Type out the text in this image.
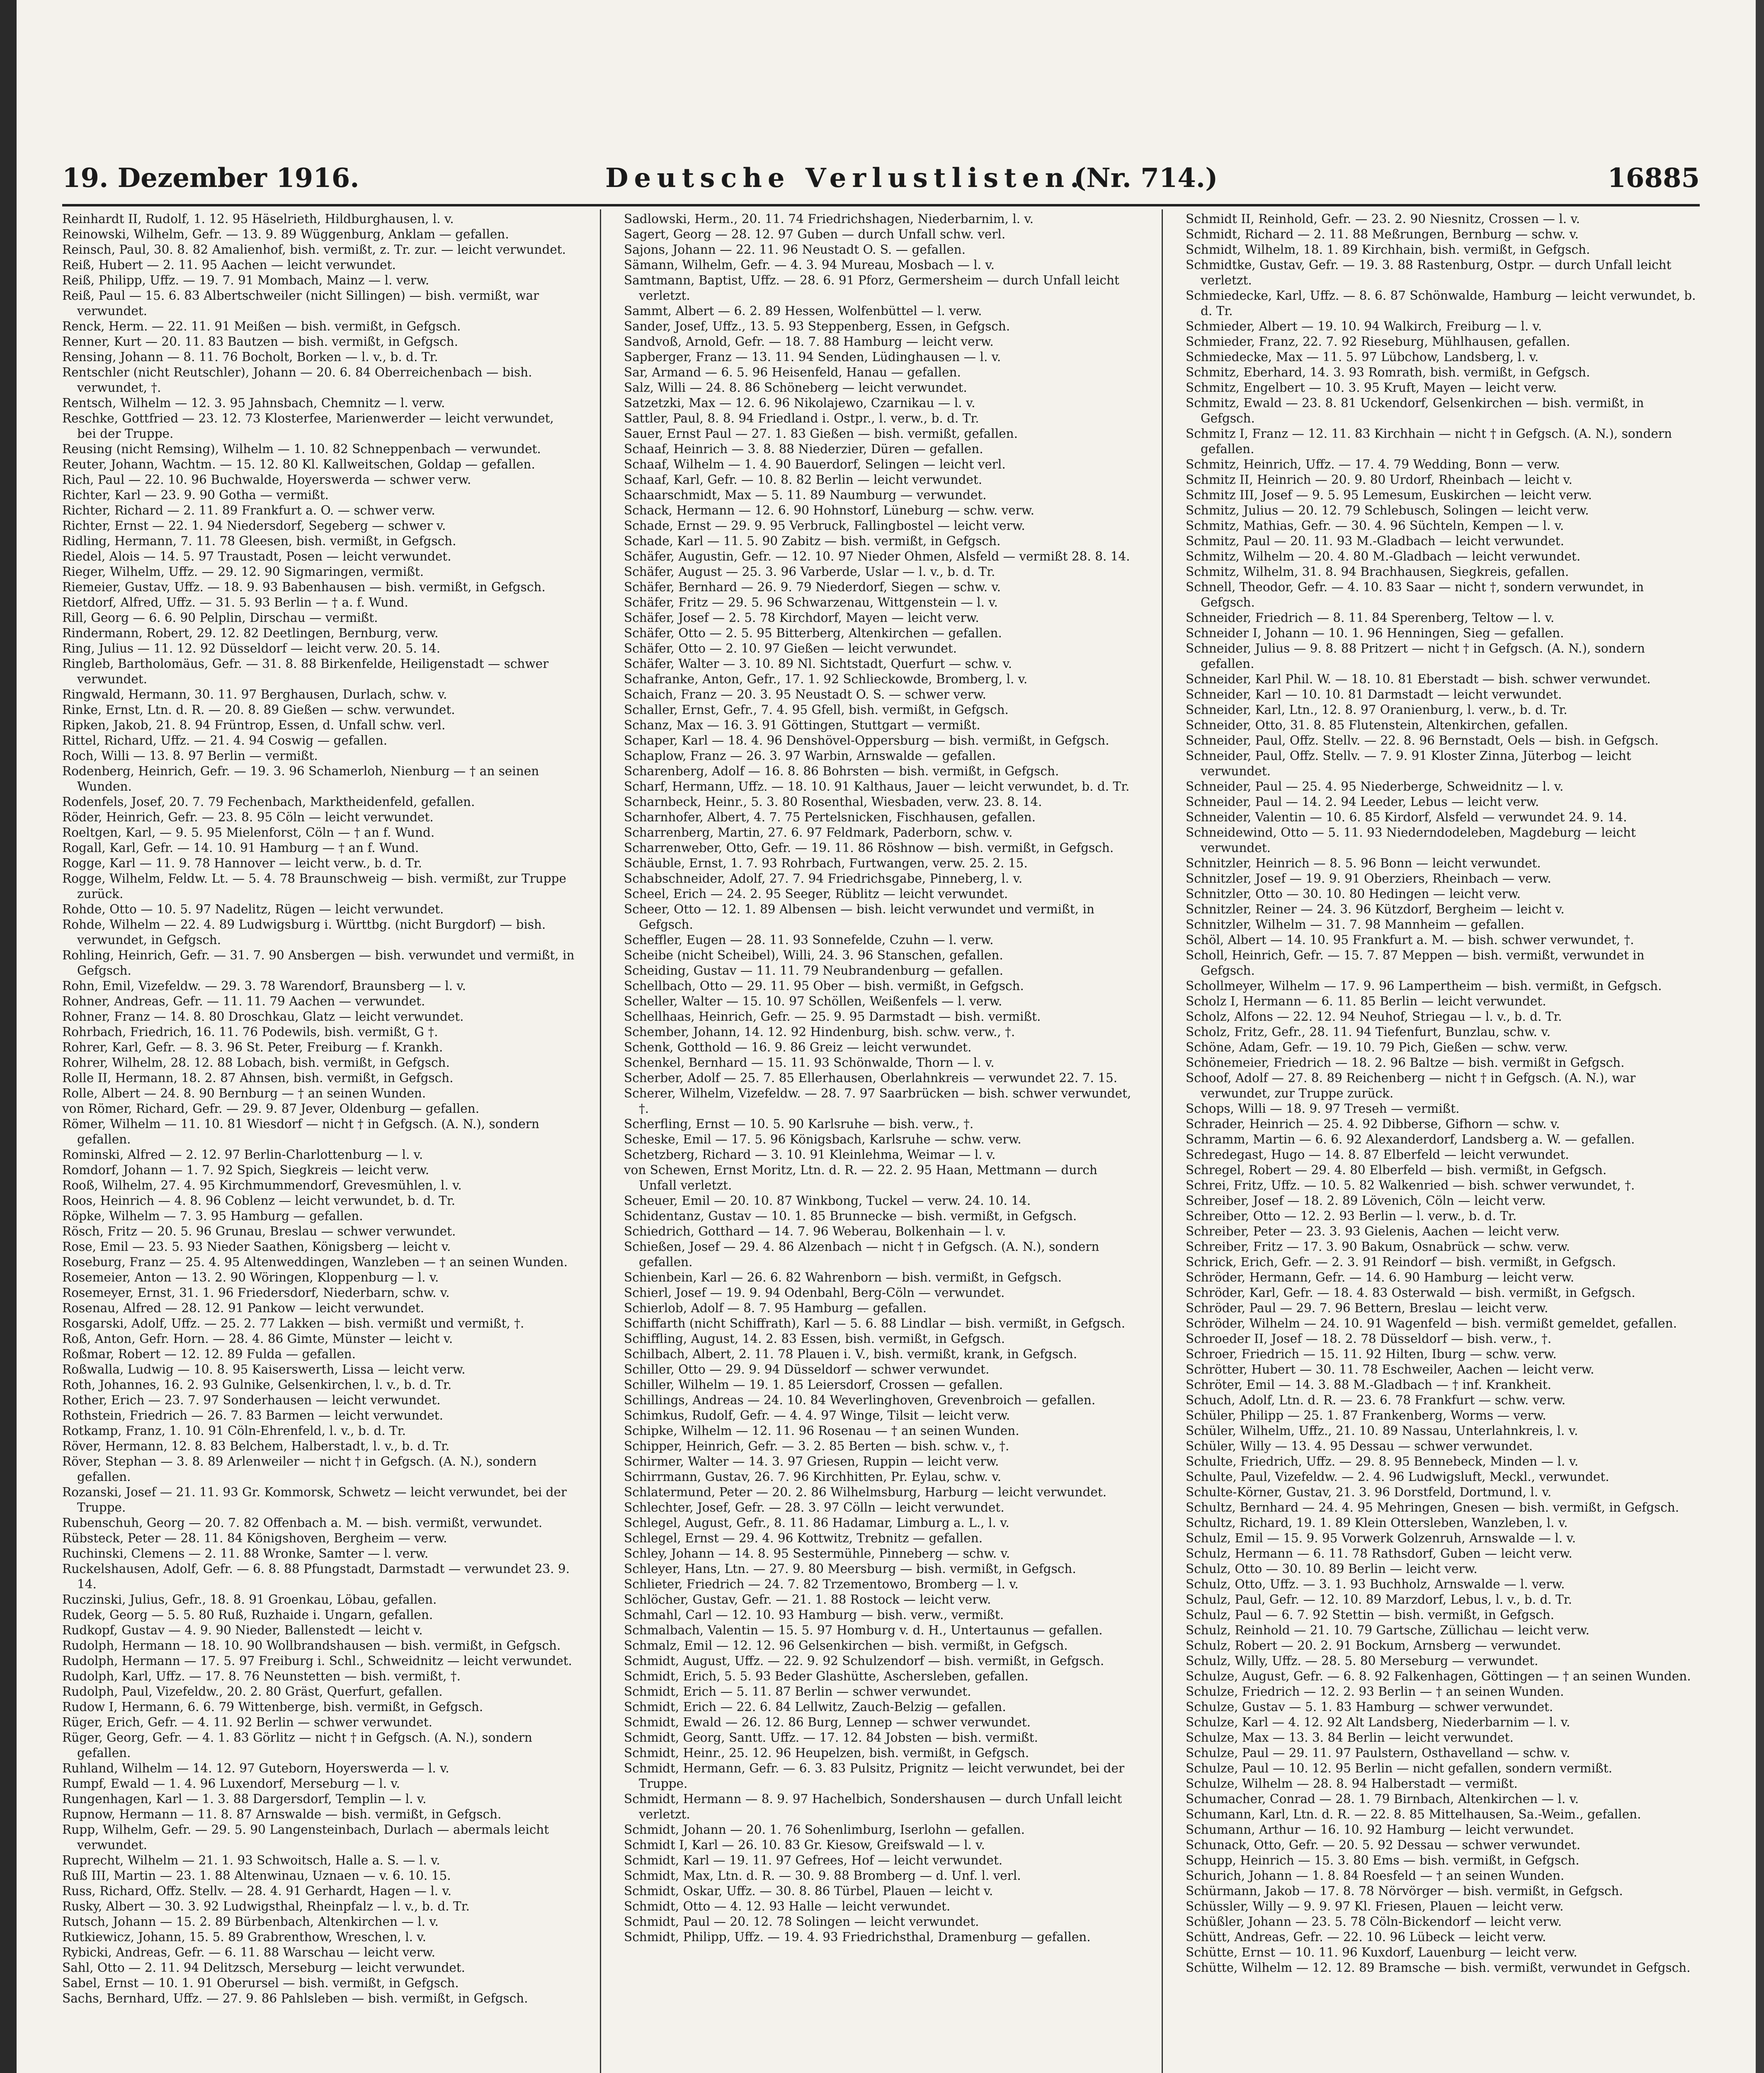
19. Dezember 1916.	Deutsche Verlustlisten.
(Nr. 714.)	16885

Reinhardt II, Rudolf, 1. 12. 95 Häselrieth, Hildburghausen, l. v.

Reinowski, Wilhelm, Gefr. — 13. 9. 89 Wüggenburg, Anklam — gefallen.

Reinsch, Paul, 30. 8. 82 Amalienhof, bish. vermißt, z. Tr. zur. — leicht verwundet.

Reiß, Hubert — 2. 11. 95 Aachen — leicht verwundet.

Reiß, Philipp, Uffz. — 19. 7. 91 Mombach, Mainz — l. verw.

Reiß, Paul — 15. 6. 83 Albertschweiler (nicht Sillingen) — bish. vermißt, war verwundet.

Renck, Herm. — 22. 11. 91 Meißen — bish. vermißt, in Gefgsch.

Renner, Kurt — 20. 11. 83 Bautzen — bish. vermißt, in Gefgsch.

Rensing, Johann — 8. 11. 76 Bocholt, Borken — l. v., b. d. Tr.

Rentschler (nicht Reutschler), Johann — 20. 6. 84 Oberreichenbach — bish. verwundet, †.

Rentsch, Wilhelm — 12. 3. 95 Jahnsbach, Chemnitz — l. verw.

Reschke, Gottfried — 23. 12. 73 Klosterfee, Marienwerder — leicht verwundet, bei der Truppe.

Reusing (nicht Remsing), Wilhelm — 1. 10. 82 Schneppenbach — verwundet.

Reuter, Johann, Wachtm. — 15. 12. 80 Kl. Kallweitschen, Goldap — gefallen.

Rich, Paul — 22. 10. 96 Buchwalde, Hoyerswerda — schwer verw.

Richter, Karl — 23. 9. 90 Gotha — vermißt.

Richter, Richard — 2. 11. 89 Frankfurt a. O. — schwer verw.

Richter, Ernst — 22. 1. 94 Niedersdorf, Segeberg — schwer v.

Ridling, Hermann, 7. 11. 78 Gleesen, bish. vermißt, in Gefgsch.

Riedel, Alois — 14. 5. 97 Traustadt, Posen — leicht verwundet.

Rieger, Wilhelm, Uffz. — 29. 12. 90 Sigmaringen, vermißt.

Riemeier, Gustav, Uffz. — 18. 9. 93 Babenhausen — bish. vermißt, in Gefgsch.

Rietdorf, Alfred, Uffz. — 31. 5. 93 Berlin — † a. f. Wund.

Rill, Georg — 6. 6. 90 Pelplin, Dirschau — vermißt.

Rindermann, Robert, 29. 12. 82 Deetlingen, Bernburg, verw.

Ring, Julius — 11. 12. 92 Düsseldorf — leicht verw. 20. 5. 14.

Ringleb, Bartholomäus, Gefr. — 31. 8. 88 Birkenfelde, Heiligenstadt — schwer verwundet.

Ringwald, Hermann, 30. 11. 97 Berghausen, Durlach, schw. v.

Rinke, Ernst, Ltn. d. R. — 20. 8. 89 Gießen — schw. verwundet.

Ripken, Jakob, 21. 8. 94 Früntrop, Essen, d. Unfall schw. verl.

Rittel, Richard, Uffz. — 21. 4. 94 Coswig — gefallen.

Roch, Willi — 13. 8. 97 Berlin — vermißt.

Rodenberg, Heinrich, Gefr. — 19. 3. 96 Schamerloh, Nienburg — † an seinen Wunden.

Rodenfels, Josef, 20. 7. 79 Fechenbach, Marktheidenfeld, gefallen.

Röder, Heinrich, Gefr. — 23. 8. 95 Cöln — leicht verwundet.

Roeltgen, Karl, — 9. 5. 95 Mielenforst, Cöln — † an f. Wund.

Rogall, Karl, Gefr. — 14. 10. 91 Hamburg — † an f. Wund.

Rogge, Karl — 11. 9. 78 Hannover — leicht verw., b. d. Tr.

Rogge, Wilhelm, Feldw. Lt. — 5. 4. 78 Braunschweig — bish. vermißt, zur Truppe zurück.

Rohde, Otto — 10. 5. 97 Nadelitz, Rügen — leicht verwundet.

Rohde, Wilhelm — 22. 4. 89 Ludwigsburg i. Württbg. (nicht Burgdorf) — bish. verwundet, in Gefgsch.

Rohling, Heinrich, Gefr. — 31. 7. 90 Ansbergen — bish. verwundet und vermißt, in Gefgsch.

Rohn, Emil, Vizefeldw. — 29. 3. 78 Warendorf, Braunsberg — l. v.

Rohner, Andreas, Gefr. — 11. 11. 79 Aachen — verwundet.

Rohner, Franz — 14. 8. 80 Droschkau, Glatz — leicht verwundet.

Rohrbach, Friedrich, 16. 11. 76 Podewils, bish. vermißt, G †.

Rohrer, Karl, Gefr. — 8. 3. 96 St. Peter, Freiburg — f. Krankh.

Rohrer, Wilhelm, 28. 12. 88 Lobach, bish. vermißt, in Gefgsch.

Rolle II, Hermann, 18. 2. 87 Ahnsen, bish. vermißt, in Gefgsch.

Rolle, Albert — 24. 8. 90 Bernburg — † an seinen Wunden.

von Römer, Richard, Gefr. — 29. 9. 87 Jever, Oldenburg — gefallen.

Römer, Wilhelm — 11. 10. 81 Wiesdorf — nicht † in Gefgsch. (A. N.), sondern gefallen.

Rominski, Alfred — 2. 12. 97 Berlin-Charlottenburg — l. v.

Romdorf, Johann — 1. 7. 92 Spich, Siegkreis — leicht verw.

Rooß, Wilhelm, 27. 4. 95 Kirchmummendorf, Grevesmühlen, l. v.

Roos, Heinrich — 4. 8. 96 Coblenz — leicht verwundet, b. d. Tr.

Röpke, Wilhelm — 7. 3. 95 Hamburg — gefallen.

Rösch, Fritz — 20. 5. 96 Grunau, Breslau — schwer verwundet.

Rose, Emil — 23. 5. 93 Nieder Saathen, Königsberg — leicht v.

Roseburg, Franz — 25. 4. 95 Altenweddingen, Wanzleben — † an seinen Wunden.

Rosemeier, Anton — 13. 2. 90 Wöringen, Kloppenburg — l. v.

Rosemeyer, Ernst, 31. 1. 96 Friedersdorf, Niederbarn, schw. v.

Rosenau, Alfred — 28. 12. 91 Pankow — leicht verwundet.

Rosgarski, Adolf, Uffz. — 25. 2. 77 Lakken — bish. vermißt und vermißt, †.

Roß, Anton, Gefr. Horn. — 28. 4. 86 Gimte, Münster — leicht v.

Roßmar, Robert — 12. 12. 89 Fulda — gefallen.

Roßwalla, Ludwig — 10. 8. 95 Kaiserswerth, Lissa — leicht verw.

Roth, Johannes, 16. 2. 93 Gulnike, Gelsenkirchen, l. v., b. d. Tr.

Rother, Erich — 23. 7. 97 Sonderhausen — leicht verwundet.

Rothstein, Friedrich — 26. 7. 83 Barmen — leicht verwundet.

Rotkamp, Franz, 1. 10. 91 Cöln-Ehrenfeld, l. v., b. d. Tr.

Röver, Hermann, 12. 8. 83 Belchem, Halberstadt, l. v., b. d. Tr.

Röver, Stephan — 3. 8. 89 Arlenweiler — nicht † in Gefgsch. (A. N.), sondern gefallen.

Rozanski, Josef — 21. 11. 93 Gr. Kommorsk, Schwetz — leicht verwundet, bei der Truppe.

Rubenschuh, Georg — 20. 7. 82 Offenbach a. M. — bish. vermißt, verwundet.

Rübsteck, Peter — 28. 11. 84 Königshoven, Bergheim — verw.

Ruchinski, Clemens — 2. 11. 88 Wronke, Samter — l. verw.

Ruckelshausen, Adolf, Gefr. — 6. 8. 88 Pfungstadt, Darmstadt — verwundet 23. 9. 14.

Ruczinski, Julius, Gefr., 18. 8. 91 Groenkau, Löbau, gefallen.

Rudek, Georg — 5. 5. 80 Ruß, Ruzhaide i. Ungarn, gefallen.

Rudkopf, Gustav — 4. 9. 90 Nieder, Ballenstedt — leicht v.

Rudolph, Hermann — 18. 10. 90 Wollbrandshausen — bish. vermißt, in Gefgsch.

Rudolph, Hermann — 17. 5. 97 Freiburg i. Schl., Schweidnitz — leicht verwundet.

Rudolph, Karl, Uffz. — 17. 8. 76 Neunstetten — bish. vermißt, †.

Rudolph, Paul, Vizefeldw., 20. 2. 80 Gräst, Querfurt, gefallen.

Rudow I, Hermann, 6. 6. 79 Wittenberge, bish. vermißt, in Gefgsch.

Rüger, Erich, Gefr. — 4. 11. 92 Berlin — schwer verwundet.

Rüger, Georg, Gefr. — 4. 1. 83 Görlitz — nicht † in Gefgsch. (A. N.), sondern gefallen.

Ruhland, Wilhelm — 14. 12. 97 Guteborn, Hoyerswerda — l. v.

Rumpf, Ewald — 1. 4. 96 Luxendorf, Merseburg — l. v.

Rungenhagen, Karl — 1. 3. 88 Dargersdorf, Templin — l. v.

Rupnow, Hermann — 11. 8. 87 Arnswalde — bish. vermißt, in Gefgsch.

Rupp, Wilhelm, Gefr. — 29. 5. 90 Langensteinbach, Durlach — abermals leicht verwundet.

Ruprecht, Wilhelm — 21. 1. 93 Schwoitsch, Halle a. S. — l. v.

Ruß III, Martin — 23. 1. 88 Altenwinau, Uznaen — v. 6. 10. 15.

Russ, Richard, Offz. Stellv. — 28. 4. 91 Gerhardt, Hagen — l. v.

Rusky, Albert — 30. 3. 92 Ludwigsthal, Rheinpfalz — l. v., b. d. Tr.

Rutsch, Johann — 15. 2. 89 Bürbenbach, Altenkirchen — l. v.

Rutkiewicz, Johann, 15. 5. 89 Grabrenthow, Wreschen, l. v.

Rybicki, Andreas, Gefr. — 6. 11. 88 Warschau — leicht verw.

Sahl, Otto — 2. 11. 94 Delitzsch, Merseburg — leicht verwundet.

Sabel, Ernst — 10. 1. 91 Oberursel — bish. vermißt, in Gefgsch.

Sachs, Bernhard, Uffz. — 27. 9. 86 Pahlsleben — bish. vermißt, in Gefgsch.

Sadlowski, Herm., 20. 11. 74 Friedrichshagen, Niederbarnim, l. v.

Sagert, Georg — 28. 12. 97 Guben — durch Unfall schw. verl.

Sajons, Johann — 22. 11. 96 Neustadt O. S. — gefallen.

Sämann, Wilhelm, Gefr. — 4. 3. 94 Mureau, Mosbach — l. v.

Samtmann, Baptist, Uffz. — 28. 6. 91 Pforz, Germersheim — durch Unfall leicht verletzt.

Sammt, Albert — 6. 2. 89 Hessen, Wolfenbüttel — l. verw.

Sander, Josef, Uffz., 13. 5. 93 Steppenberg, Essen, in Gefgsch.

Sandvoß, Arnold, Gefr. — 18. 7. 88 Hamburg — leicht verw.

Sapberger, Franz — 13. 11. 94 Senden, Lüdinghausen — l. v.

Sar, Armand — 6. 5. 96 Heisenfeld, Hanau — gefallen.

Salz, Willi — 24. 8. 86 Schöneberg — leicht verwundet.

Satzetzki, Max — 12. 6. 96 Nikolajewo, Czarnikau — l. v.

Sattler, Paul, 8. 8. 94 Friedland i. Ostpr., l. verw., b. d. Tr.

Sauer, Ernst Paul — 27. 1. 83 Gießen — bish. vermißt, gefallen.

Schaaf, Heinrich — 3. 8. 88 Niederzier, Düren — gefallen.

Schaaf, Wilhelm — 1. 4. 90 Bauerdorf, Selingen — leicht verl.

Schaaf, Karl, Gefr. — 10. 8. 82 Berlin — leicht verwundet.

Schaarschmidt, Max — 5. 11. 89 Naumburg — verwundet.

Schack, Hermann — 12. 6. 90 Hohnstorf, Lüneburg — schw. verw.

Schade, Ernst — 29. 9. 95 Verbruck, Fallingbostel — leicht verw.

Schade, Karl — 11. 5. 90 Zabitz — bish. vermißt, in Gefgsch.

Schäfer, Augustin, Gefr. — 12. 10. 97 Nieder Ohmen, Alsfeld — vermißt 28. 8. 14.

Schäfer, August — 25. 3. 96 Varberde, Uslar — l. v., b. d. Tr.

Schäfer, Bernhard — 26. 9. 79 Niederdorf, Siegen — schw. v.

Schäfer, Fritz — 29. 5. 96 Schwarzenau, Wittgenstein — l. v.

Schäfer, Josef — 2. 5. 78 Kirchdorf, Mayen — leicht verw.

Schäfer, Otto — 2. 5. 95 Bitterberg, Altenkirchen — gefallen.

Schäfer, Otto — 2. 10. 97 Gießen — leicht verwundet.

Schäfer, Walter — 3. 10. 89 Nl. Sichtstadt, Querfurt — schw. v.

Schafranke, Anton, Gefr., 17. 1. 92 Schlieckowde, Bromberg, l. v.

Schaich, Franz — 20. 3. 95 Neustadt O. S. — schwer verw.

Schaller, Ernst, Gefr., 7. 4. 95 Gfell, bish. vermißt, in Gefgsch.

Schanz, Max — 16. 3. 91 Göttingen, Stuttgart — vermißt.

Schaper, Karl — 18. 4. 96 Denshövel-Oppersburg — bish. vermißt, in Gefgsch.

Schaplow, Franz — 26. 3. 97 Warbin, Arnswalde — gefallen.

Scharenberg, Adolf — 16. 8. 86 Bohrsten — bish. vermißt, in Gefgsch.

Scharf, Hermann, Uffz. — 18. 10. 91 Kalthaus, Jauer — leicht verwundet, b. d. Tr.

Scharnbeck, Heinr., 5. 3. 80 Rosenthal, Wiesbaden, verw. 23. 8. 14.

Scharnhofer, Albert, 4. 7. 75 Pertelsnicken, Fischhausen, gefallen.

Scharrenberg, Martin, 27. 6. 97 Feldmark, Paderborn, schw. v.

Scharrenweber, Otto, Gefr. — 19. 11. 86 Röshnow — bish. vermißt, in Gefgsch.

Schäuble, Ernst, 1. 7. 93 Rohrbach, Furtwangen, verw. 25. 2. 15.

Schabschneider, Adolf, 27. 7. 94 Friedrichsgabe, Pinneberg, l. v.

Scheel, Erich — 24. 2. 95 Seeger, Rüblitz — leicht verwundet.

Scheer, Otto — 12. 1. 89 Albensen — bish. leicht verwundet und vermißt, in Gefgsch.

Scheffler, Eugen — 28. 11. 93 Sonnefelde, Czuhn — l. verw.

Scheibe (nicht Scheibel), Willi, 24. 3. 96 Stanschen, gefallen.

Scheiding, Gustav — 11. 11. 79 Neubrandenburg — gefallen.

Schellbach, Otto — 29. 11. 95 Ober — bish. vermißt, in Gefgsch.

Scheller, Walter — 15. 10. 97 Schöllen, Weißenfels — l. verw.

Schellhaas, Heinrich, Gefr. — 25. 9. 95 Darmstadt — bish. vermißt.

Schember, Johann, 14. 12. 92 Hindenburg, bish. schw. verw., †.

Schenk, Gotthold — 16. 9. 86 Greiz — leicht verwundet.

Schenkel, Bernhard — 15. 11. 93 Schönwalde, Thorn — l. v.

Scherber, Adolf — 25. 7. 85 Ellerhausen, Oberlahnkreis — verwundet 22. 7. 15.

Scherer, Wilhelm, Vizefeldw. — 28. 7. 97 Saarbrücken — bish. schwer verwundet, †.

Scherfling, Ernst — 10. 5. 90 Karlsruhe — bish. verw., †.

Scheske, Emil — 17. 5. 96 Königsbach, Karlsruhe — schw. verw.

Schetzberg, Richard — 3. 10. 91 Kleinlehma, Weimar — l. v.

von Schewen, Ernst Moritz, Ltn. d. R. — 22. 2. 95 Haan, Mettmann — durch Unfall verletzt.

Scheuer, Emil — 20. 10. 87 Winkbong, Tuckel — verw. 24. 10. 14.

Schidentanz, Gustav — 10. 1. 85 Brunnecke — bish. vermißt, in Gefgsch.

Schiedrich, Gotthard — 14. 7. 96 Weberau, Bolkenhain — l. v.

Schießen, Josef — 29. 4. 86 Alzenbach — nicht † in Gefgsch. (A. N.), sondern gefallen.

Schienbein, Karl — 26. 6. 82 Wahrenborn — bish. vermißt, in Gefgsch.

Schierl, Josef — 19. 9. 94 Odenbahl, Berg-Cöln — verwundet.

Schierlob, Adolf — 8. 7. 95 Hamburg — gefallen.

Schiffarth (nicht Schiffrath), Karl — 5. 6. 88 Lindlar — bish. vermißt, in Gefgsch.

Schiffling, August, 14. 2. 83 Essen, bish. vermißt, in Gefgsch.

Schilbach, Albert, 2. 11. 78 Plauen i. V., bish. vermißt, krank, in Gefgsch.

Schiller, Otto — 29. 9. 94 Düsseldorf — schwer verwundet.

Schiller, Wilhelm — 19. 1. 85 Leiersdorf, Crossen — gefallen.

Schillings, Andreas — 24. 10. 84 Weverlinghoven, Grevenbroich — gefallen.

Schimkus, Rudolf, Gefr. — 4. 4. 97 Winge, Tilsit — leicht verw.

Schipke, Wilhelm — 12. 11. 96 Rosenau — † an seinen Wunden.

Schipper, Heinrich, Gefr. — 3. 2. 85 Berten — bish. schw. v., †.

Schirmer, Walter — 14. 3. 97 Griesen, Ruppin — leicht verw.

Schirrmann, Gustav, 26. 7. 96 Kirchhitten, Pr. Eylau, schw. v.

Schlatermund, Peter — 20. 2. 86 Wilhelmsburg, Harburg — leicht verwundet.

Schlechter, Josef, Gefr. — 28. 3. 97 Cölln — leicht verwundet.

Schlegel, August, Gefr., 8. 11. 86 Hadamar, Limburg a. L., l. v.

Schlegel, Ernst — 29. 4. 96 Kottwitz, Trebnitz — gefallen.

Schley, Johann — 14. 8. 95 Sestermühle, Pinneberg — schw. v.

Schleyer, Hans, Ltn. — 27. 9. 80 Meersburg — bish. vermißt, in Gefgsch.

Schlieter, Friedrich — 24. 7. 82 Trzementowo, Bromberg — l. v.

Schlöcher, Gustav, Gefr. — 21. 1. 88 Rostock — leicht verw.

Schmahl, Carl — 12. 10. 93 Hamburg — bish. verw., vermißt.

Schmalbach, Valentin — 15. 5. 97 Homburg v. d. H., Untertaunus — gefallen.

Schmalz, Emil — 12. 12. 96 Gelsenkirchen — bish. vermißt, in Gefgsch.

Schmidt, August, Uffz. — 22. 9. 92 Schulzendorf — bish. vermißt, in Gefgsch.

Schmidt, Erich, 5. 5. 93 Beder Glashütte, Aschersleben, gefallen.

Schmidt, Erich — 5. 11. 87 Berlin — schwer verwundet.

Schmidt, Erich — 22. 6. 84 Lellwitz, Zauch-Belzig — gefallen.

Schmidt, Ewald — 26. 12. 86 Burg, Lennep — schwer verwundet.

Schmidt, Georg, Santt. Uffz. — 17. 12. 84 Jobsten — bish. vermißt.

Schmidt, Heinr., 25. 12. 96 Heupelzen, bish. vermißt, in Gefgsch.

Schmidt, Hermann, Gefr. — 6. 3. 83 Pulsitz, Prignitz — leicht verwundet, bei der Truppe.

Schmidt, Hermann — 8. 9. 97 Hachelbich, Sondershausen — durch Unfall leicht verletzt.

Schmidt, Johann — 20. 1. 76 Sohenlimburg, Iserlohn — gefallen.

Schmidt I, Karl — 26. 10. 83 Gr. Kiesow, Greifswald — l. v.

Schmidt, Karl — 19. 11. 97 Gefrees, Hof — leicht verwundet.

Schmidt, Max, Ltn. d. R. — 30. 9. 88 Bromberg — d. Unf. l. verl.

Schmidt, Oskar, Uffz. — 30. 8. 86 Türbel, Plauen — leicht v.

Schmidt, Otto — 4. 12. 93 Halle — leicht verwundet.

Schmidt, Paul — 20. 12. 78 Solingen — leicht verwundet.

Schmidt, Philipp, Uffz. — 19. 4. 93 Friedrichsthal, Dramenburg — gefallen.

Schmidt II, Reinhold, Gefr. — 23. 2. 90 Niesnitz, Crossen — l. v.

Schmidt, Richard — 2. 11. 88 Meßrungen, Bernburg — schw. v.

Schmidt, Wilhelm, 18. 1. 89 Kirchhain, bish. vermißt, in Gefgsch.

Schmidtke, Gustav, Gefr. — 19. 3. 88 Rastenburg, Ostpr. — durch Unfall leicht verletzt.

Schmiedecke, Karl, Uffz. — 8. 6. 87 Schönwalde, Hamburg — leicht verwundet, b. d. Tr.

Schmieder, Albert — 19. 10. 94 Walkirch, Freiburg — l. v.

Schmieder, Franz, 22. 7. 92 Rieseburg, Mühlhausen, gefallen.

Schmiedecke, Max — 11. 5. 97 Lübchow, Landsberg, l. v.

Schmitz, Eberhard, 14. 3. 93 Romrath, bish. vermißt, in Gefgsch.

Schmitz, Engelbert — 10. 3. 95 Kruft, Mayen — leicht verw.

Schmitz, Ewald — 23. 8. 81 Uckendorf, Gelsenkirchen — bish. vermißt, in Gefgsch.

Schmitz I, Franz — 12. 11. 83 Kirchhain — nicht † in Gefgsch. (A. N.), sondern gefallen.

Schmitz, Heinrich, Uffz. — 17. 4. 79 Wedding, Bonn — verw.

Schmitz II, Heinrich — 20. 9. 80 Urdorf, Rheinbach — leicht v.

Schmitz III, Josef — 9. 5. 95 Lemesum, Euskirchen — leicht verw.

Schmitz, Julius — 20. 12. 79 Schlebusch, Solingen — leicht verw.

Schmitz, Mathias, Gefr. — 30. 4. 96 Süchteln, Kempen — l. v.

Schmitz, Paul — 20. 11. 93 M.-Gladbach — leicht verwundet.

Schmitz, Wilhelm — 20. 4. 80 M.-Gladbach — leicht verwundet.

Schmitz, Wilhelm, 31. 8. 94 Brachhausen, Siegkreis, gefallen.

Schnell, Theodor, Gefr. — 4. 10. 83 Saar — nicht †, sondern verwundet, in Gefgsch.

Schneider, Friedrich — 8. 11. 84 Sperenberg, Teltow — l. v.

Schneider I, Johann — 10. 1. 96 Henningen, Sieg — gefallen.

Schneider, Julius — 9. 8. 88 Pritzert — nicht † in Gefgsch. (A. N.), sondern gefallen.

Schneider, Karl Phil. W. — 18. 10. 81 Eberstadt — bish. schwer verwundet.

Schneider, Karl — 10. 10. 81 Darmstadt — leicht verwundet.

Schneider, Karl, Ltn., 12. 8. 97 Oranienburg, l. verw., b. d. Tr.

Schneider, Otto, 31. 8. 85 Flutenstein, Altenkirchen, gefallen.

Schneider, Paul, Offz. Stellv. — 22. 8. 96 Bernstadt, Oels — bish. in Gefgsch.

Schneider, Paul, Offz. Stellv. — 7. 9. 91 Kloster Zinna, Jüterbog — leicht verwundet.

Schneider, Paul — 25. 4. 95 Niederberge, Schweidnitz — l. v.

Schneider, Paul — 14. 2. 94 Leeder, Lebus — leicht verw.

Schneider, Valentin — 10. 6. 85 Kirdorf, Alsfeld — verwundet 24. 9. 14.

Schneidewind, Otto — 5. 11. 93 Niederndodeleben, Magdeburg — leicht verwundet.

Schnitzler, Heinrich — 8. 5. 96 Bonn — leicht verwundet.

Schnitzler, Josef — 19. 9. 91 Oberziers, Rheinbach — verw.

Schnitzler, Otto — 30. 10. 80 Hedingen — leicht verw.

Schnitzler, Reiner — 24. 3. 96 Kützdorf, Bergheim — leicht v.

Schnitzler, Wilhelm — 31. 7. 98 Mannheim — gefallen.

Schöl, Albert — 14. 10. 95 Frankfurt a. M. — bish. schwer verwundet, †.

Scholl, Heinrich, Gefr. — 15. 7. 87 Meppen — bish. vermißt, verwundet in Gefgsch.

Schollmeyer, Wilhelm — 17. 9. 96 Lampertheim — bish. vermißt, in Gefgsch.

Scholz I, Hermann — 6. 11. 85 Berlin — leicht verwundet.

Scholz, Alfons — 22. 12. 94 Neuhof, Striegau — l. v., b. d. Tr.

Scholz, Fritz, Gefr., 28. 11. 94 Tiefenfurt, Bunzlau, schw. v.

Schöne, Adam, Gefr. — 19. 10. 79 Pich, Gießen — schw. verw.

Schönemeier, Friedrich — 18. 2. 96 Baltze — bish. vermißt in Gefgsch.

Schoof, Adolf — 27. 8. 89 Reichenberg — nicht † in Gefgsch. (A. N.), war verwundet, zur Truppe zurück.

Schops, Willi — 18. 9. 97 Treseh — vermißt.

Schrader, Heinrich — 25. 4. 92 Dibberse, Gifhorn — schw. v.

Schramm, Martin — 6. 6. 92 Alexanderdorf, Landsberg a. W. — gefallen.

Schredegast, Hugo — 14. 8. 87 Elberfeld — leicht verwundet.

Schregel, Robert — 29. 4. 80 Elberfeld — bish. vermißt, in Gefgsch.

Schrei, Fritz, Uffz. — 10. 5. 82 Walkenried — bish. schwer verwundet, †.

Schreiber, Josef — 18. 2. 89 Lövenich, Cöln — leicht verw.

Schreiber, Otto — 12. 2. 93 Berlin — l. verw., b. d. Tr.

Schreiber, Peter — 23. 3. 93 Gielenis, Aachen — leicht verw.

Schreiber, Fritz — 17. 3. 90 Bakum, Osnabrück — schw. verw.

Schrick, Erich, Gefr. — 2. 3. 91 Reindorf — bish. vermißt, in Gefgsch.

Schröder, Hermann, Gefr. — 14. 6. 90 Hamburg — leicht verw.

Schröder, Karl, Gefr. — 18. 4. 83 Osterwald — bish. vermißt, in Gefgsch.

Schröder, Paul — 29. 7. 96 Bettern, Breslau — leicht verw.

Schröder, Wilhelm — 24. 10. 91 Wagenfeld — bish. vermißt gemeldet, gefallen.

Schroeder II, Josef — 18. 2. 78 Düsseldorf — bish. verw., †.

Schroer, Friedrich — 15. 11. 92 Hilten, Iburg — schw. verw.

Schrötter, Hubert — 30. 11. 78 Eschweiler, Aachen — leicht verw.

Schröter, Emil — 14. 3. 88 M.-Gladbach — † inf. Krankheit.

Schuch, Adolf, Ltn. d. R. — 23. 6. 78 Frankfurt — schw. verw.

Schüler, Philipp — 25. 1. 87 Frankenberg, Worms — verw.

Schüler, Wilhelm, Uffz., 21. 10. 89 Nassau, Unterlahnkreis, l. v.

Schüler, Willy — 13. 4. 95 Dessau — schwer verwundet.

Schulte, Friedrich, Uffz. — 29. 8. 95 Bennebeck, Minden — l. v.

Schulte, Paul, Vizefeldw. — 2. 4. 96 Ludwigsluft, Meckl., verwundet.

Schulte-Körner, Gustav, 21. 3. 96 Dorstfeld, Dortmund, l. v.

Schultz, Bernhard — 24. 4. 95 Mehringen, Gnesen — bish. vermißt, in Gefgsch.

Schultz, Richard, 19. 1. 89 Klein Ottersleben, Wanzleben, l. v.

Schulz, Emil — 15. 9. 95 Vorwerk Golzenruh, Arnswalde — l. v.

Schulz, Hermann — 6. 11. 78 Rathsdorf, Guben — leicht verw.

Schulz, Otto — 30. 10. 89 Berlin — leicht verw.

Schulz, Otto, Uffz. — 3. 1. 93 Buchholz, Arnswalde — l. verw.

Schulz, Paul, Gefr. — 12. 10. 89 Marzdorf, Lebus, l. v., b. d. Tr.

Schulz, Paul — 6. 7. 92 Stettin — bish. vermißt, in Gefgsch.

Schulz, Reinhold — 21. 10. 79 Gartsche, Züllichau — leicht verw.

Schulz, Robert — 20. 2. 91 Bockum, Arnsberg — verwundet.

Schulz, Willy, Uffz. — 28. 5. 80 Merseburg — verwundet.

Schulze, August, Gefr. — 6. 8. 92 Falkenhagen, Göttingen — † an seinen Wunden.

Schulze, Friedrich — 12. 2. 93 Berlin — † an seinen Wunden.

Schulze, Gustav — 5. 1. 83 Hamburg — schwer verwundet.

Schulze, Karl — 4. 12. 92 Alt Landsberg, Niederbarnim — l. v.

Schulze, Max — 13. 3. 84 Berlin — leicht verwundet.

Schulze, Paul — 29. 11. 97 Paulstern, Osthavelland — schw. v.

Schulze, Paul — 10. 12. 95 Berlin — nicht gefallen, sondern vermißt.

Schulze, Wilhelm — 28. 8. 94 Halberstadt — vermißt.

Schumacher, Conrad — 28. 1. 79 Birnbach, Altenkirchen — l. v.

Schumann, Karl, Ltn. d. R. — 22. 8. 85 Mittelhausen, Sa.-Weim., gefallen.

Schumann, Arthur — 16. 10. 92 Hamburg — leicht verwundet.

Schunack, Otto, Gefr. — 20. 5. 92 Dessau — schwer verwundet.

Schupp, Heinrich — 15. 3. 80 Ems — bish. vermißt, in Gefgsch.

Schurich, Johann — 1. 8. 84 Roesfeld — † an seinen Wunden.

Schürmann, Jakob — 17. 8. 78 Nörvörger — bish. vermißt, in Gefgsch.

Schüssler, Willy — 9. 9. 97 Kl. Friesen, Plauen — leicht verw.

Schüßler, Johann — 23. 5. 78 Cöln-Bickendorf — leicht verw.

Schütt, Andreas, Gefr. — 22. 10. 96 Lübeck — leicht verw.

Schütte, Ernst — 10. 11. 96 Kuxdorf, Lauenburg — leicht verw.

Schütte, Wilhelm — 12. 12. 89 Bramsche — bish. vermißt, verwundet in Gefgsch.
